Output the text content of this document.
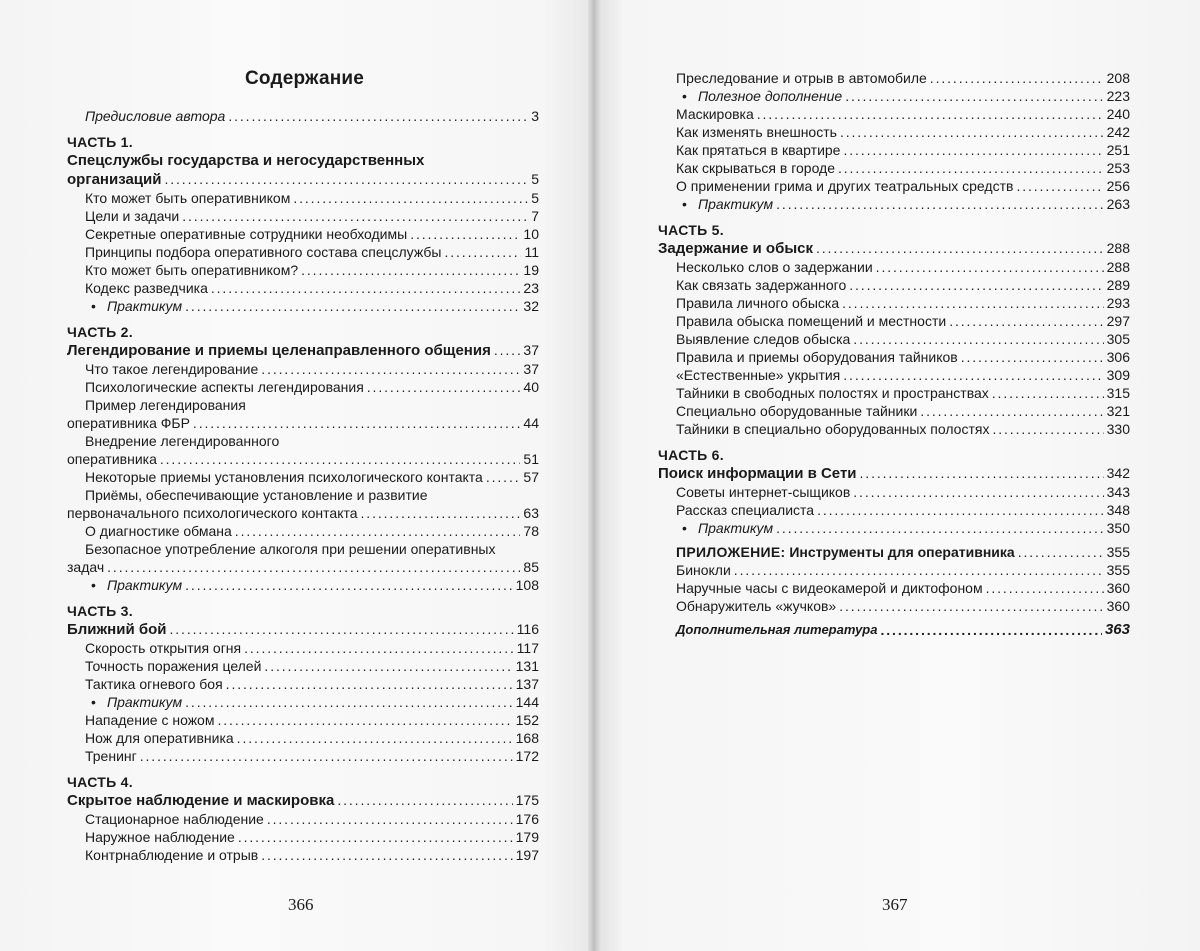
Содержание
Предисловие автора . . .	3
ЧАСТЬ 1.
Спецслужбы государства и негосударственных
организаций . . .	5
Кто может быть оперативником . . .	5
Цели и задачи . . .	7
Секретные оперативные сотрудники необходимы . . .	10
Принципы подбора оперативного состава спецслужбы . . .	11
Кто может быть оперативником? . . .	19
Кодекс разведчика . . .	23
• Практикум . . .	32
ЧАСТЬ 2.
Легендирование и приемы целенаправленного общения . . . 37
Что такое легендирование . . .	37
Психологические аспекты легендирования . . .	40
Пример легендирования
оперативника ФБР . . .	44
Внедрение легендированного
оперативника . . .	51
Некоторые приемы установления психологического контакта . . .	57
Приёмы, обеспечивающие установление и развитие
первоначального психологического контакта . . .	63
О диагностике обмана . . .	78
Безопасное употребление алкоголя при решении оперативных
задач . . .	85
• Практикум . . .	108
ЧАСТЬ 3.
Ближний бой . . .	116
Скорость открытия огня . . .	117
Точность поражения целей . . .	131
Тактика огневого боя . . .	137
• Практикум . . .	144
Нападение с ножом . . .	152
Нож для оперативника . . .	168
Тренинг . . .	172
ЧАСТЬ 4.
Скрытое наблюдение и маскировка . . .	175
Стационарное наблюдение . . .	176
Наружное наблюдение . . .	179
Контрнаблюдение и отрыв . . .	197
366
Преследование и отрыв в автомобиле . . .	208
• Полезное дополнение . . .	223
Маскировка . . .	240
Как изменять внешность . . .	242
Как прятаться в квартире . . .	251
Как скрываться в городе . . .	253
О применении грима и других театральных средств . . .	256
• Практикум . . .	263
ЧАСТЬ 5.
Задержание и обыск . . .	288
Несколько слов о задержании . . .	288
Как связать задержанного . . .	289
Правила личного обыска . . .	293
Правила обыска помещений и местности . . .	297
Выявление следов обыска . . .	305
Правила и приемы оборудования тайников . . .	306
«Естественные» укрытия . . .	309
Тайники в свободных полостях и пространствах . . .	315
Специально оборудованные тайники . . .	321
Тайники в специально оборудованных полостях . . .	330
ЧАСТЬ 6.
Поиск информации в Сети . . .	342
Советы интернет-сыщиков . . .	343
Рассказ специалиста . . .	348
• Практикум . . .	350
ПРИЛОЖЕНИЕ: Инструменты для оперативника . . .	355
Бинокли . . .	355
Наручные часы с видеокамерой и диктофоном . . .	360
Обнаружитель «жучков» . . .	360
Дополнительная литература . . .	363
367
